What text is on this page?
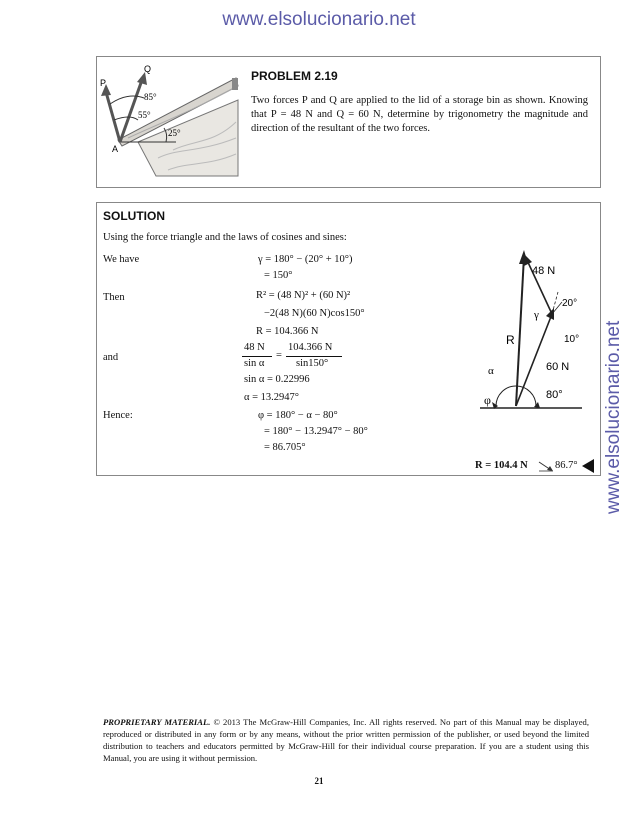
www.elsolucionario.net
www.elsolucionario.net
P
Q
A
85°
55°
25°
PROBLEM 2.19
Two forces P and Q are applied to the lid of a storage bin as shown. Knowing that P = 48 N and Q = 60 N, determine by trigonometry the magnitude and direction of the resultant of the two forces.
SOLUTION
Using the force triangle and the laws of cosines and sines:
We have	γ = 180° − (20° + 10°)
= 150°
Then	R² = (48 N)² + (60 N)²
−2(48 N)(60 N)cos150°
R = 104.366 N
and
48 N
sin α
=
104.366 N
sin150°
sin α = 0.22996
α = 13.2947°
Hence:	φ = 180° − α − 80°
= 180° − 13.2947° − 80°
= 86.705°
R = 104.4 N	86.7°
48 N
60 N
R
γ
α
φ
20°
10°
80°
PROPRIETARY MATERIAL. © 2013 The McGraw-Hill Companies, Inc. All rights reserved. No part of this Manual may be displayed, reproduced or distributed in any form or by any means, without the prior written permission of the publisher, or used beyond the limited distribution to teachers and educators permitted by McGraw-Hill for their individual course preparation. If you are a student using this Manual, you are using it without permission.
21
